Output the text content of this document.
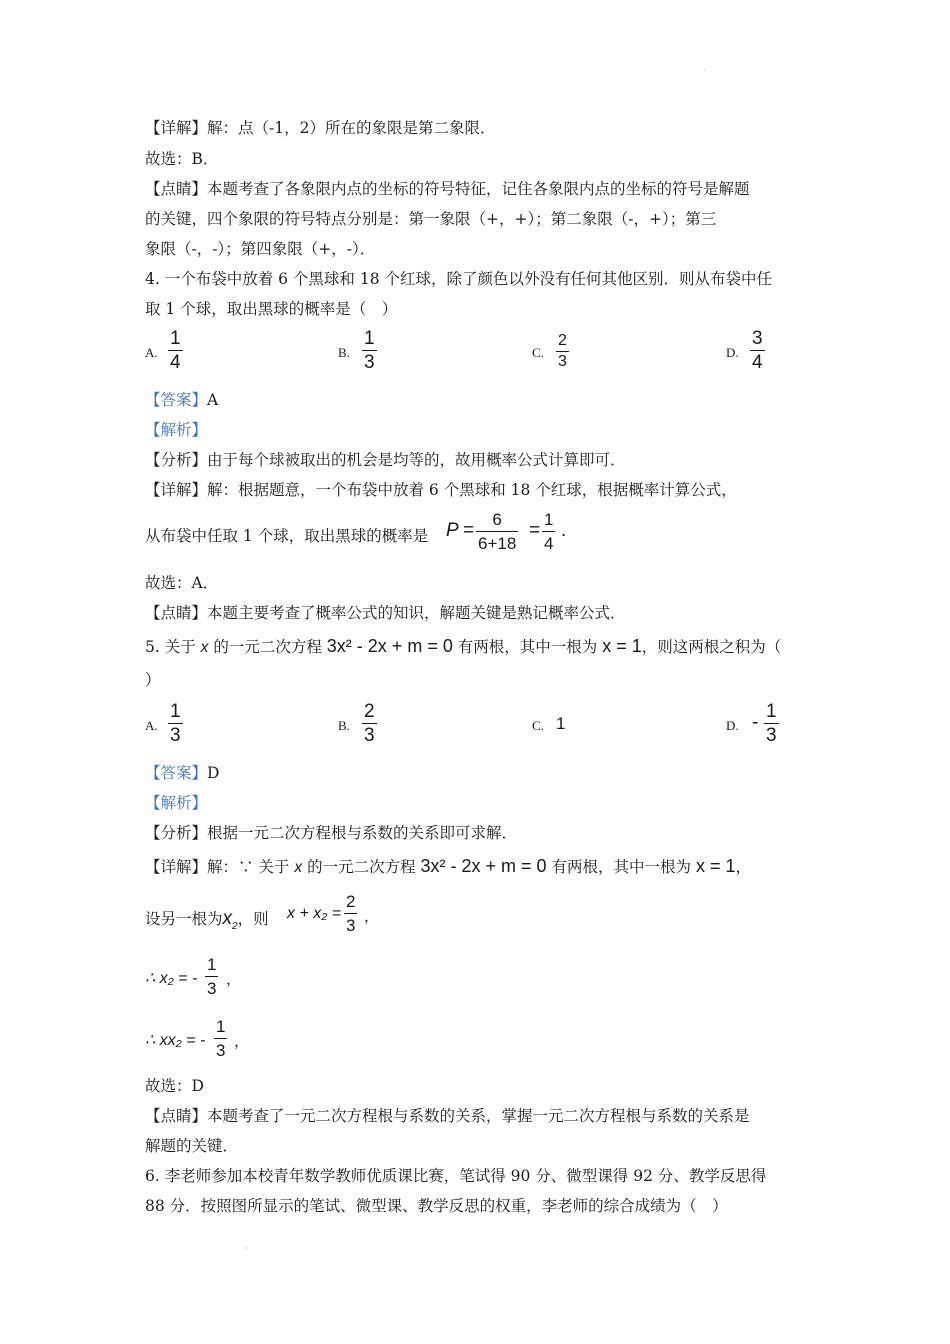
·
·
【详解】解：点（-1，2）所在的象限是第二象限．
故选：B．
【点睛】本题考查了各象限内点的坐标的符号特征，记住各象限内点的坐标的符号是解题
的关键，四个象限的符号特点分别是：第一象限（+，+）；第二象限（-，+）；第三
象限（-，-）；第四象限（+，-）．
4. 一个布袋中放着 6 个黑球和 18 个红球，除了颜色以外没有任何其他区别．则从布袋中任
取 1 个球，取出黑球的概率是（　）
A.
1
4	B.
1
3	C.
2
3
D.
3
4
【答案】A
【解析】
【分析】由于每个球被取出的机会是均等的，故用概率公式计算即可．
【详解】解：根据题意，一个布袋中放着 6 个黑球和 18 个红球，根据概率计算公式，
从布袋中任取 1 个球，取出黑球的概率是 P =
6
6+18
=
1
4
.
故选：A．
【点睛】本题主要考查了概率公式的知识，解题关键是熟记概率公式．
5. 关于 x 的一元二次方程 3x² - 2x + m = 0 有两根，其中一根为 x = 1，则这两根之积为（
）
A.
1
3	B.
2
3	C. 1	D. -
1
3
【答案】D
【解析】
【分析】根据一元二次方程根与系数的关系即可求解．
【详解】解：∵ 关于 x 的一元二次方程 3x² - 2x + m = 0 有两根，其中一根为 x = 1，
设另一根为$x_2$，则 x + x₂ =
2
3 ，
∴ x₂ = -
1
3 ，
∴ xx₂ = -
1
3 ，
故选：D
【点睛】本题考查了一元二次方程根与系数的关系，掌握一元二次方程根与系数的关系是
解题的关键．
6. 李老师参加本校青年数学教师优质课比赛，笔试得 90 分、微型课得 92 分、教学反思得
88 分．按照图所显示的笔试、微型课、教学反思的权重，李老师的综合成绩为（　）
